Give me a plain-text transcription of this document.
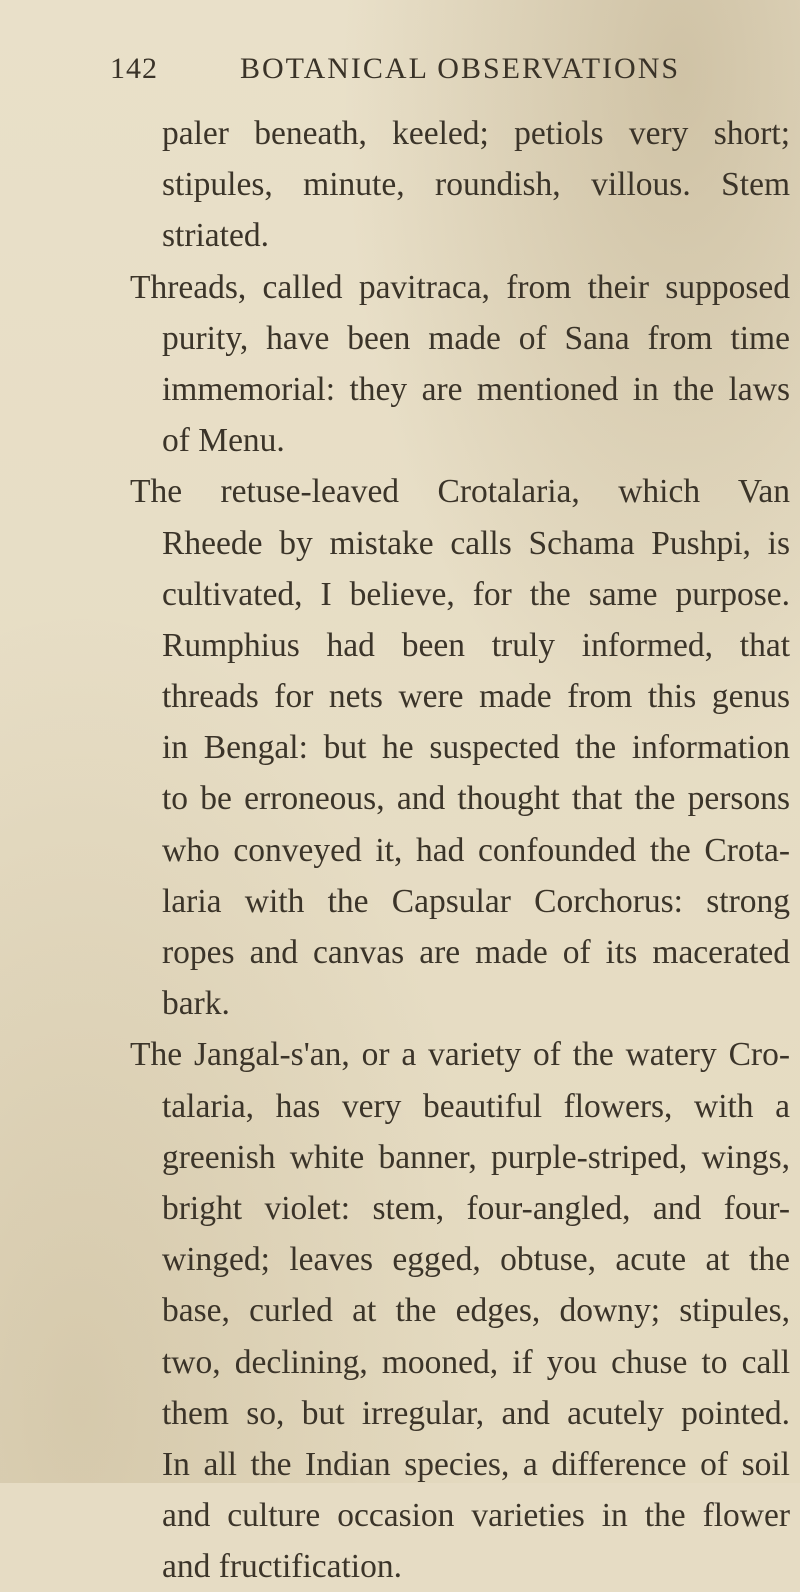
142	BOTANICAL OBSERVATIONS
paler beneath, keeled; petiols very short;
stipules, minute, roundish, villous. Stem
striated.
Threads, called pavitraca, from their supposed
purity, have been made of Sana from time
immemorial: they are mentioned in the laws
of Menu.
The retuse-leaved Crotalaria, which Van
Rheede by mistake calls Schama Pushpi, is
cultivated, I believe, for the same purpose.
Rumphius had been truly informed, that
threads for nets were made from this genus
in Bengal: but he suspected the information
to be erroneous, and thought that the persons
who conveyed it, had confounded the Crota-
laria with the Capsular Corchorus: strong
ropes and canvas are made of its macerated
bark.
The Jangal-s'an, or a variety of the watery Cro-
talaria, has very beautiful flowers, with a
greenish white banner, purple-striped, wings,
bright violet: stem, four-angled, and four-
winged; leaves egged, obtuse, acute at the
base, curled at the edges, downy; stipules,
two, declining, mooned, if you chuse to call
them so, but irregular, and acutely pointed.
In all the Indian species, a difference of soil
and culture occasion varieties in the flower
and fructification.
